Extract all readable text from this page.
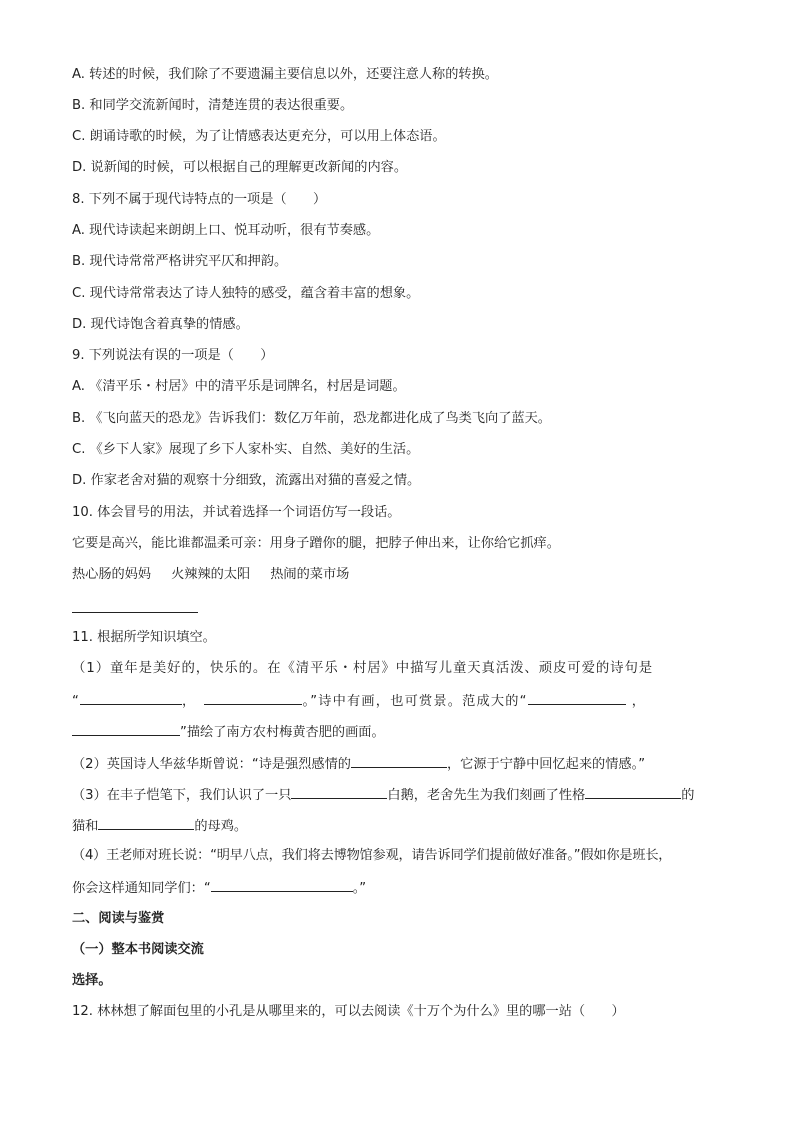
A. 转述的时候，我们除了不要遗漏主要信息以外，还要注意人称的转换。
B. 和同学交流新闻时，清楚连贯的表达很重要。
C. 朗诵诗歌的时候，为了让情感表达更充分，可以用上体态语。
D. 说新闻的时候，可以根据自己的理解更改新闻的内容。
8. 下列不属于现代诗特点的一项是（　　）
A. 现代诗读起来朗朗上口、悦耳动听，很有节奏感。
B. 现代诗常常严格讲究平仄和押韵。
C. 现代诗常常表达了诗人独特的感受，蕴含着丰富的想象。
D. 现代诗饱含着真挚的情感。
9. 下列说法有误的一项是（　　）
A. 《清平乐・村居》中的清平乐是词牌名，村居是词题。
B. 《飞向蓝天的恐龙》告诉我们：数亿万年前，恐龙都进化成了鸟类飞向了蓝天。
C. 《乡下人家》展现了乡下人家朴实、自然、美好的生活。
D. 作家老舍对猫的观察十分细致，流露出对猫的喜爱之情。
10. 体会冒号的用法，并试着选择一个词语仿写一段话。
它要是高兴，能比谁都温柔可亲：用身子蹭你的腿，把脖子伸出来，让你给它抓痒。
热心肠的妈妈 火辣辣的太阳 热闹的菜市场
11. 根据所学知识填空。
（1）童年是美好的，快乐的。在《清平乐・村居》中描写儿童天真活泼、顽皮可爱的诗句是
“	，	。”诗中有画，也可赏景。范成大的“	，
”描绘了南方农村梅黄杏肥的画面。
（2）英国诗人华兹华斯曾说：“诗是强烈感情的	，它源于宁静中回忆起来的情感。”
（3）在丰子恺笔下，我们认识了一只	白鹅，老舍先生为我们刻画了性格	的
猫和	的母鸡。
（4）王老师对班长说：“明早八点，我们将去博物馆参观，请告诉同学们提前做好准备。”假如你是班长，
你会这样通知同学们：“	。”
二、阅读与鉴赏
（一）整本书阅读交流
选择。
12. 林林想了解面包里的小孔是从哪里来的，可以去阅读《十万个为什么》里的哪一站（　　）
